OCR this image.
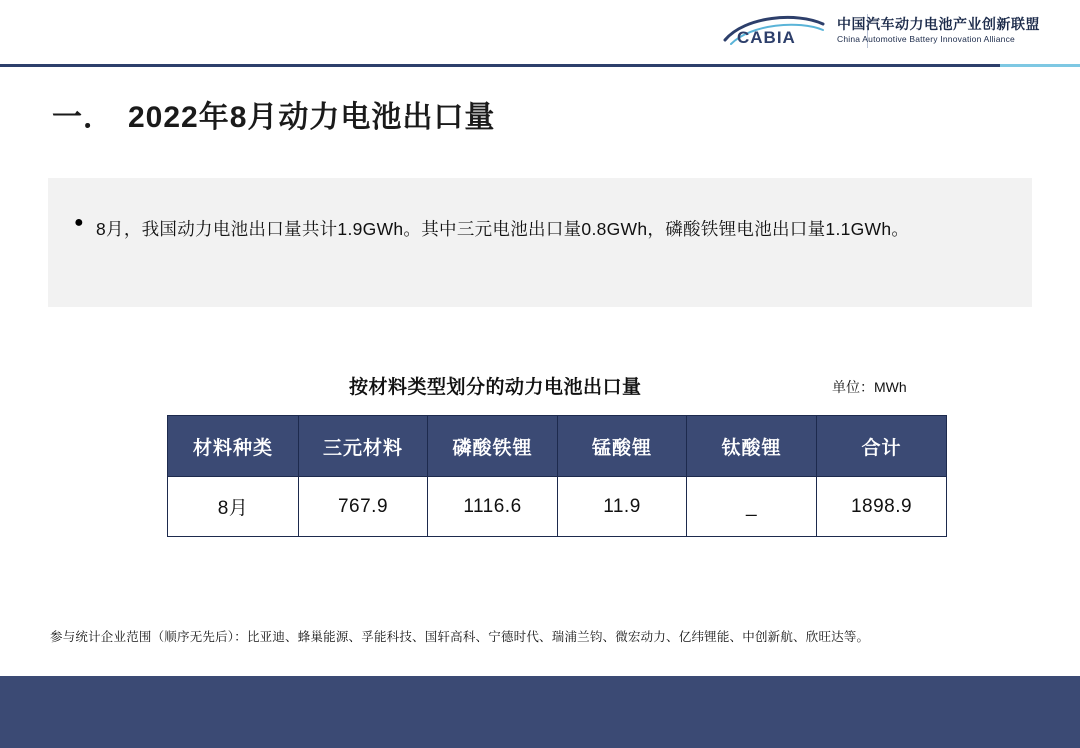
CABIA
中国汽车动力电池产业创新联盟
China Automotive Battery Innovation Alliance
一． 2022年8月动力电池出口量
● 8月，我国动力电池出口量共计1.9GWh。其中三元电池出口量0.8GWh，磷酸铁锂电池出口量1.1GWh。
按材料类型划分的动力电池出口量	单位：MWh
材料种类	三元材料	磷酸铁锂	锰酸锂	钛酸锂	合计
8月	767.9	1116.6	11.9	_	1898.9
参与统计企业范围（顺序无先后）：比亚迪、蜂巢能源、孚能科技、国轩高科、宁德时代、瑞浦兰钧、微宏动力、亿纬锂能、中创新航、欣旺达等。
